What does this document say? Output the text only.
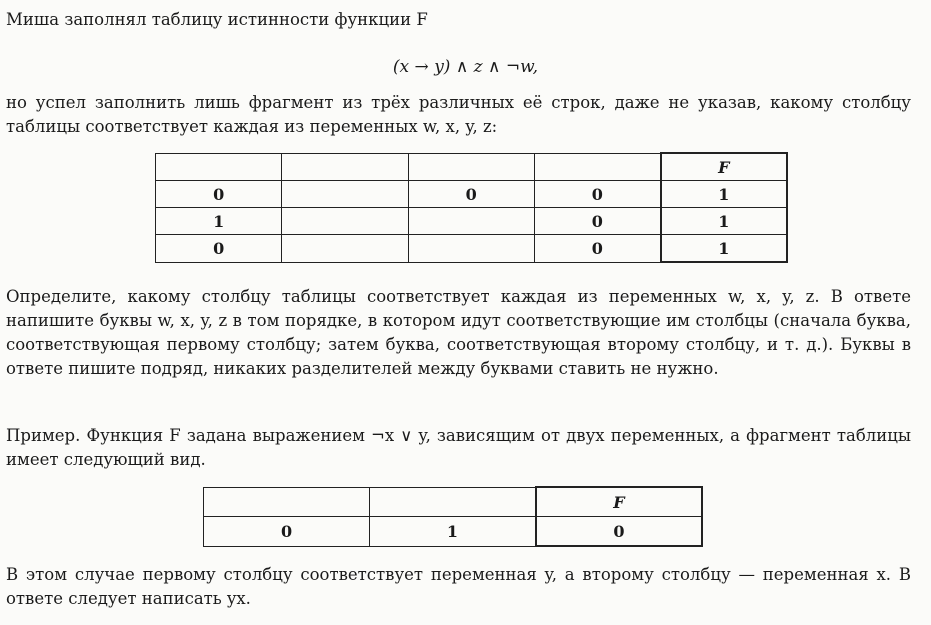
Миша заполнял таблицу истинности функции F

(x → y) ∧ z ∧ ¬w,

но успел заполнить лишь фрагмент из трёх различных её строк, даже не указав, какому столбцу таблицы соответствует каждая из переменных w, x, y, z:

				F
0		0	0	1
1			0	1
0			0	1

Определите, какому столбцу таблицы соответствует каждая из переменных w, x, y, z. В ответе напишите буквы w, x, y, z в том порядке, в котором идут соответствующие им столбцы (сначала буква, соответствующая первому столбцу; затем буква, соответствующая второму столбцу, и т. д.). Буквы в ответе пишите подряд, никаких разделителей между буквами ставить не нужно.

Пример. Функция F задана выражением ¬x ∨ y, зависящим от двух переменных, а фрагмент таблицы имеет следующий вид.

		F
0	1	0

В этом случае первому столбцу соответствует переменная y, а второму столбцу — переменная x. В ответе следует написать yx.
